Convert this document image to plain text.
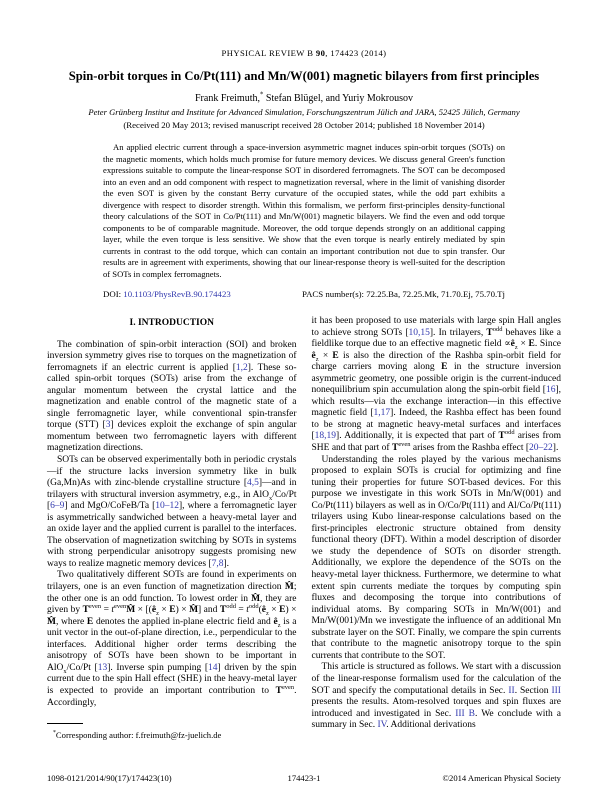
PHYSICAL REVIEW B 90, 174423 (2014)
Spin-orbit torques in Co/Pt(111) and Mn/W(001) magnetic bilayers from first principles
Frank Freimuth,* Stefan Blügel, and Yuriy Mokrousov
Peter Grünberg Institut and Institute for Advanced Simulation, Forschungszentrum Jülich and JARA, 52425 Jülich, Germany
(Received 20 May 2013; revised manuscript received 28 October 2014; published 18 November 2014)
An applied electric current through a space-inversion asymmetric magnet induces spin-orbit torques (SOTs) on the magnetic moments, which holds much promise for future memory devices. We discuss general Green's function expressions suitable to compute the linear-response SOT in disordered ferromagnets. The SOT can be decomposed into an even and an odd component with respect to magnetization reversal, where in the limit of vanishing disorder the even SOT is given by the constant Berry curvature of the occupied states, while the odd part exhibits a divergence with respect to disorder strength. Within this formalism, we perform first-principles density-functional theory calculations of the SOT in Co/Pt(111) and Mn/W(001) magnetic bilayers. We find the even and odd torque components to be of comparable magnitude. Moreover, the odd torque depends strongly on an additional capping layer, while the even torque is less sensitive. We show that the even torque is nearly entirely mediated by spin currents in contrast to the odd torque, which can contain an important contribution not due to spin transfer. Our results are in agreement with experiments, showing that our linear-response theory is well-suited for the description of SOTs in complex ferromagnets.
DOI: 10.1103/PhysRevB.90.174423	PACS number(s): 72.25.Ba, 72.25.Mk, 71.70.Ej, 75.70.Tj
I. INTRODUCTION

The combination of spin-orbit interaction (SOI) and broken inversion symmetry gives rise to torques on the magnetization of ferromagnets if an electric current is applied [1,2]. These so-called spin-orbit torques (SOTs) arise from the exchange of angular momentum between the crystal lattice and the magnetization and enable control of the magnetic state of a single ferromagnetic layer, while conventional spin-transfer torque (STT) [3] devices exploit the exchange of spin angular momentum between two ferromagnetic layers with different magnetization directions.

SOTs can be observed experimentally both in periodic crystals—if the structure lacks inversion symmetry like in bulk (Ga,Mn)As with zinc-blende crystalline structure [4,5]—and in trilayers with structural inversion asymmetry, e.g., in AlO$_x$/Co/Pt [6–9] and MgO/CoFeB/Ta [10–12], where a ferromagnetic layer is asymmetrically sandwiched between a heavy-metal layer and an oxide layer and the applied current is parallel to the interfaces. The observation of magnetization switching by SOTs in systems with strong perpendicular anisotropy suggests promising new ways to realize magnetic memory devices [7,8].

Two qualitatively different SOTs are found in experiments on trilayers, one is an even function of magnetization direction M̂; the other one is an odd function. To lowest order in M̂, they are given by $T^{even}$ = $t^{even}M̂$ × [$(ê_z \times E)$ × M̂] and $T^{odd}$ = $t^{odd}(ê_z \times E)$ × M̂, where E denotes the applied in-plane electric field and $ê_z$ is a unit vector in the out-of-plane direction, i.e., perpendicular to the interfaces. Additional higher order terms describing the anisotropy of SOTs have been shown to be important in AlO$_x$/Co/Pt [13]. Inverse spin pumping [14] driven by the spin current due to the spin Hall effect (SHE) in the heavy-metal layer is expected to provide an important contribution to $T^{even}$. Accordingly,

*Corresponding author: f.freimuth@fz-juelich.de

it has been proposed to use materials with large spin Hall angles to achieve strong SOTs [10,15]. In trilayers, $T^{odd}$ behaves like a fieldlike torque due to an effective magnetic field $\propto ê_z \times E$. Since $ê_z \times E$ is also the direction of the Rashba spin-orbit field for charge carriers moving along E in the structure inversion asymmetric geometry, one possible origin is the current-induced nonequilibrium spin accumulation along the spin-orbit field [16], which results—via the exchange interaction—in this effective magnetic field [1,17]. Indeed, the Rashba effect has been found to be strong at magnetic heavy-metal surfaces and interfaces [18,19]. Additionally, it is expected that part of $T^{odd}$ arises from SHE and that part of $T^{even}$ arises from the Rashba effect [20–22].

Understanding the roles played by the various mechanisms proposed to explain SOTs is crucial for optimizing and fine tuning their properties for future SOT-based devices. For this purpose we investigate in this work SOTs in Mn/W(001) and Co/Pt(111) bilayers as well as in O/Co/Pt(111) and Al/Co/Pt(111) trilayers using Kubo linear-response calculations based on the first-principles electronic structure obtained from density functional theory (DFT). Within a model description of disorder we study the dependence of SOTs on disorder strength. Additionally, we explore the dependence of the SOTs on the heavy-metal layer thickness. Furthermore, we determine to what extent spin currents mediate the torques by computing spin fluxes and decomposing the torque into contributions of individual atoms. By comparing SOTs in Mn/W(001) and Mn/W(001)/Mn we investigate the influence of an additional Mn substrate layer on the SOT. Finally, we compare the spin currents that contribute to the magnetic anisotropy torque to the spin currents that contribute to the SOT.

This article is structured as follows. We start with a discussion of the linear-response formalism used for the calculation of the SOT and specify the computational details in Sec. II. Section III presents the results. Atom-resolved torques and spin fluxes are introduced and investigated in Sec. III B. We conclude with a summary in Sec. IV. Additional derivations

1098-0121/2014/90(17)/174423(10)	174423-1	©2014 American Physical Society
